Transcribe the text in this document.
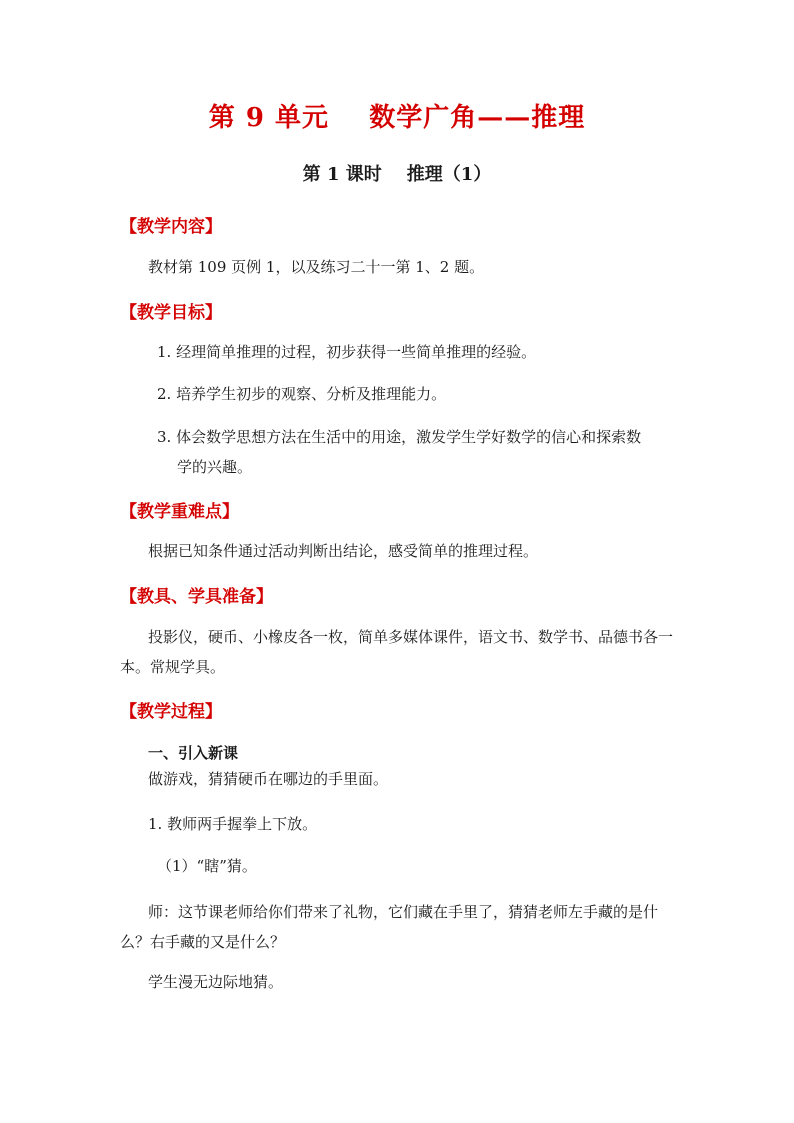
第 9 单元    数学广角——推理
第 1 课时    推理（1）
【教学内容】
教材第 109 页例 1，以及练习二十一第 1、2 题。
【教学目标】
1. 经理简单推理的过程，初步获得一些简单推理的经验。
2. 培养学生初步的观察、分析及推理能力。
3. 体会数学思想方法在生活中的用途，激发学生学好数学的信心和探索数
学的兴趣。
【教学重难点】
根据已知条件通过活动判断出结论，感受简单的推理过程。
【教具、学具准备】
投影仪，硬币、小橡皮各一枚，简单多媒体课件，语文书、数学书、品德书各一本。常规学具。
【教学过程】
一、引入新课
做游戏，猜猜硬币在哪边的手里面。
1. 教师两手握拳上下放。
（1）“瞎”猜。
师：这节课老师给你们带来了礼物，它们藏在手里了，猜猜老师左手藏的是什么？右手藏的又是什么？
学生漫无边际地猜。
